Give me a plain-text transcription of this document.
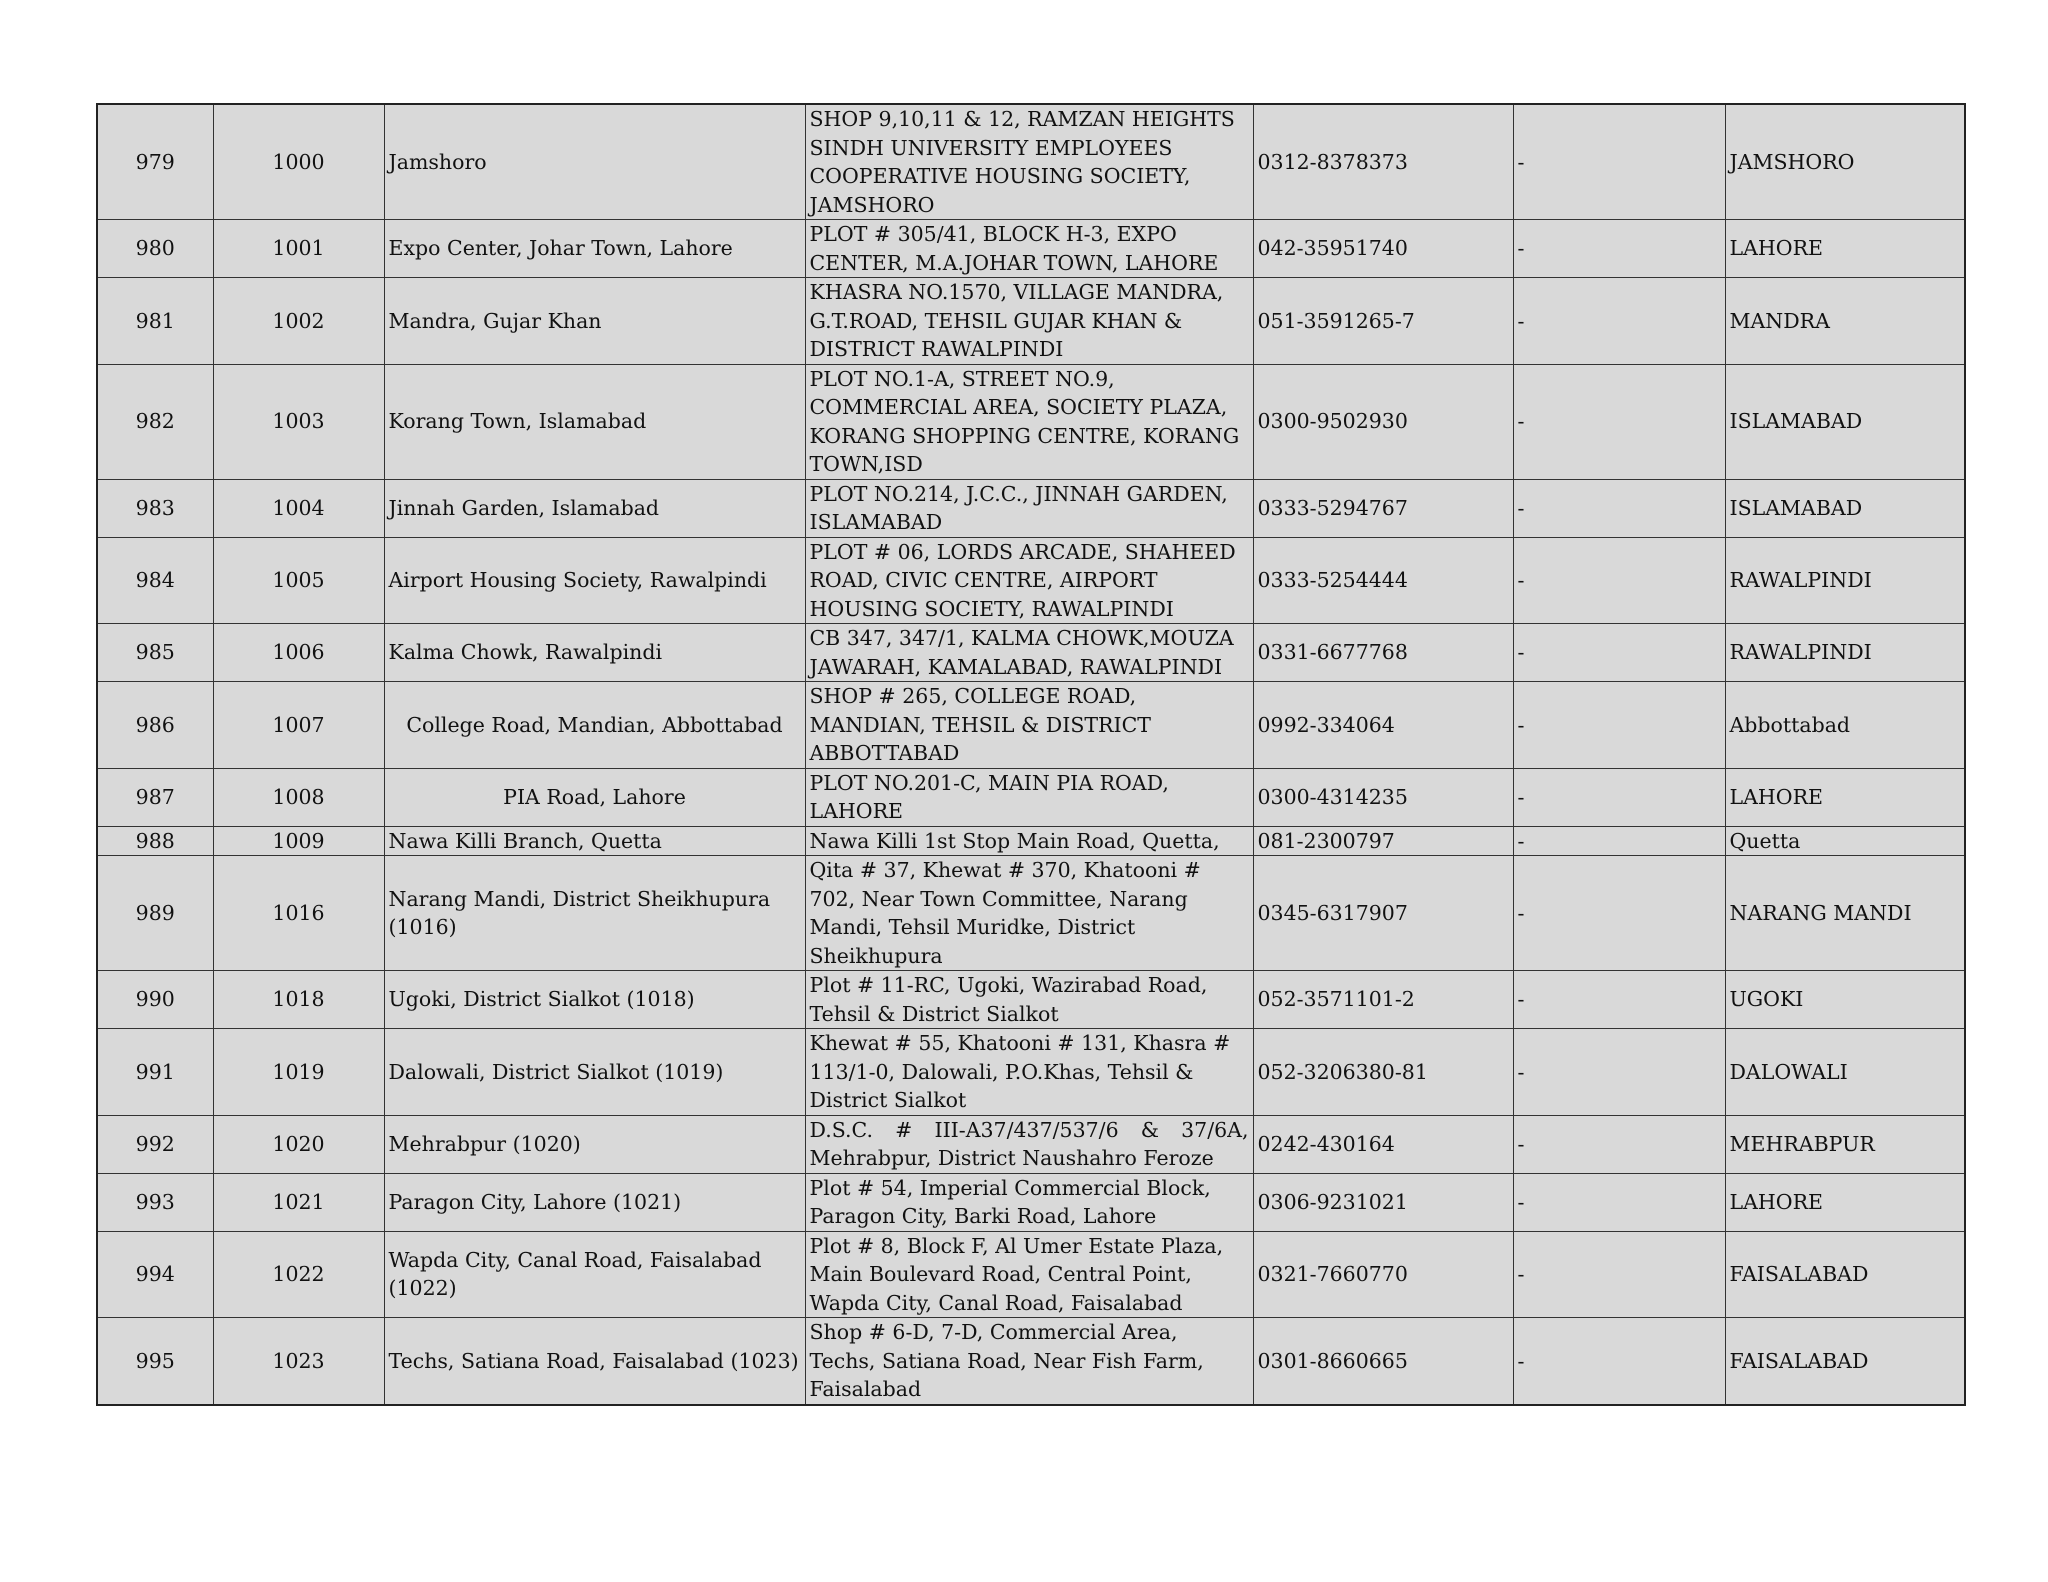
979	1000	Jamshoro	SHOP 9,10,11 & 12, RAMZAN HEIGHTS SINDH UNIVERSITY EMPLOYEES COOPERATIVE HOUSING SOCIETY, JAMSHORO	0312-8378373	-	JAMSHORO
980	1001	Expo Center, Johar Town, Lahore	PLOT # 305/41, BLOCK H-3, EXPO CENTER, M.A.JOHAR TOWN, LAHORE	042-35951740	-	LAHORE
981	1002	Mandra, Gujar Khan	KHASRA NO.1570, VILLAGE MANDRA, G.T.ROAD, TEHSIL GUJAR KHAN & DISTRICT RAWALPINDI	051-3591265-7	-	MANDRA
982	1003	Korang Town, Islamabad	PLOT NO.1-A, STREET NO.9, COMMERCIAL AREA, SOCIETY PLAZA, KORANG SHOPPING CENTRE, KORANG TOWN,ISD	0300-9502930	-	ISLAMABAD
983	1004	Jinnah Garden, Islamabad	PLOT NO.214, J.C.C., JINNAH GARDEN, ISLAMABAD	0333-5294767	-	ISLAMABAD
984	1005	Airport Housing Society, Rawalpindi	PLOT # 06, LORDS ARCADE, SHAHEED ROAD, CIVIC CENTRE, AIRPORT HOUSING SOCIETY, RAWALPINDI	0333-5254444	-	RAWALPINDI
985	1006	Kalma Chowk, Rawalpindi	CB 347, 347/1, KALMA CHOWK,MOUZA JAWARAH, KAMALABAD, RAWALPINDI	0331-6677768	-	RAWALPINDI
986	1007	College Road, Mandian, Abbottabad	SHOP # 265, COLLEGE ROAD, MANDIAN, TEHSIL & DISTRICT ABBOTTABAD	0992-334064	-	Abbottabad
987	1008	PIA Road, Lahore	PLOT NO.201-C, MAIN PIA ROAD, LAHORE	0300-4314235	-	LAHORE
988	1009	Nawa Killi Branch, Quetta	Nawa Killi 1st Stop Main Road, Quetta,	081-2300797	-	Quetta
989	1016	Narang Mandi, District Sheikhupura (1016)	Qita # 37, Khewat # 370, Khatooni # 702, Near Town Committee, Narang Mandi, Tehsil Muridke, District Sheikhupura	0345-6317907	-	NARANG MANDI
990	1018	Ugoki, District Sialkot (1018)	Plot # 11-RC, Ugoki, Wazirabad Road, Tehsil & District Sialkot	052-3571101-2	-	UGOKI
991	1019	Dalowali, District Sialkot (1019)	Khewat # 55, Khatooni # 131, Khasra # 113/1-0, Dalowali, P.O.Khas, Tehsil & District Sialkot	052-3206380-81	-	DALOWALI
992	1020	Mehrabpur (1020)	D.S.C. # III-A37/437/537/6 & 37/6A, Mehrabpur, District Naushahro Feroze	0242-430164	-	MEHRABPUR
993	1021	Paragon City, Lahore (1021)	Plot # 54, Imperial Commercial Block, Paragon City, Barki Road, Lahore	0306-9231021	-	LAHORE
994	1022	Wapda City, Canal Road, Faisalabad (1022)	Plot # 8, Block F, Al Umer Estate Plaza, Main Boulevard Road, Central Point, Wapda City, Canal Road, Faisalabad	0321-7660770	-	FAISALABAD
995	1023	Techs, Satiana Road, Faisalabad (1023)	Shop # 6-D, 7-D, Commercial Area, Techs, Satiana Road, Near Fish Farm, Faisalabad	0301-8660665	-	FAISALABAD
